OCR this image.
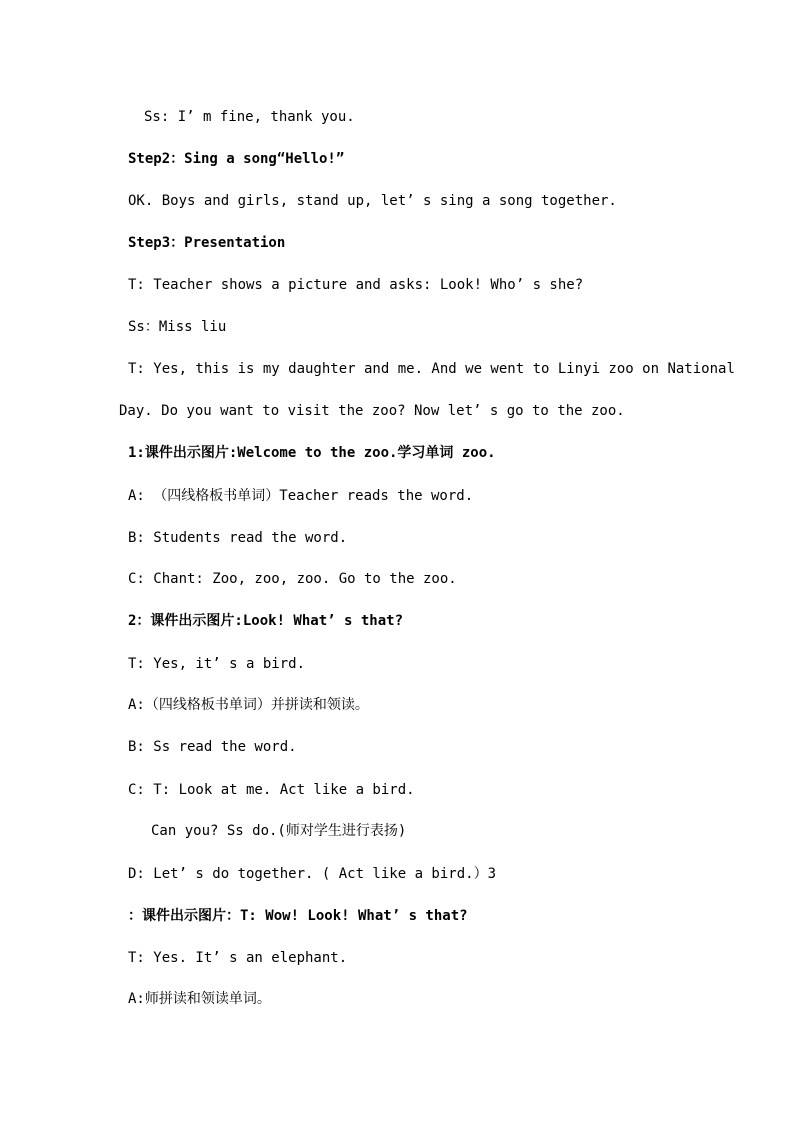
Ss: I’ m fine, thank you.
Step2：Sing a song“Hello!”
OK. Boys and girls, stand up, let’ s sing a song together.
Step3：Presentation
T: Teacher shows a picture and asks: Look! Who’ s she?
Ss：Miss liu
T: Yes, this is my daughter and me. And we went to Linyi zoo on National
Day. Do you want to visit the zoo? Now let’ s go to the zoo.
1:课件出示图片:Welcome to the zoo.学习单词 zoo.
A: （四线格板书单词）Teacher reads the word.
B: Students read the word.
C: Chant: Zoo, zoo, zoo. Go to the zoo.
2：课件出示图片:Look! What’ s that?
T: Yes, it’ s a bird.
A:（四线格板书单词）并拼读和领读。
B: Ss read the word.
C: T: Look at me. Act like a bird.
Can you? Ss do.(师对学生进行表扬)
D: Let’ s do together. ( Act like a bird.）3
：课件出示图片：T: Wow! Look! What’ s that?
T: Yes. It’ s an elephant.
A:师拼读和领读单词。
